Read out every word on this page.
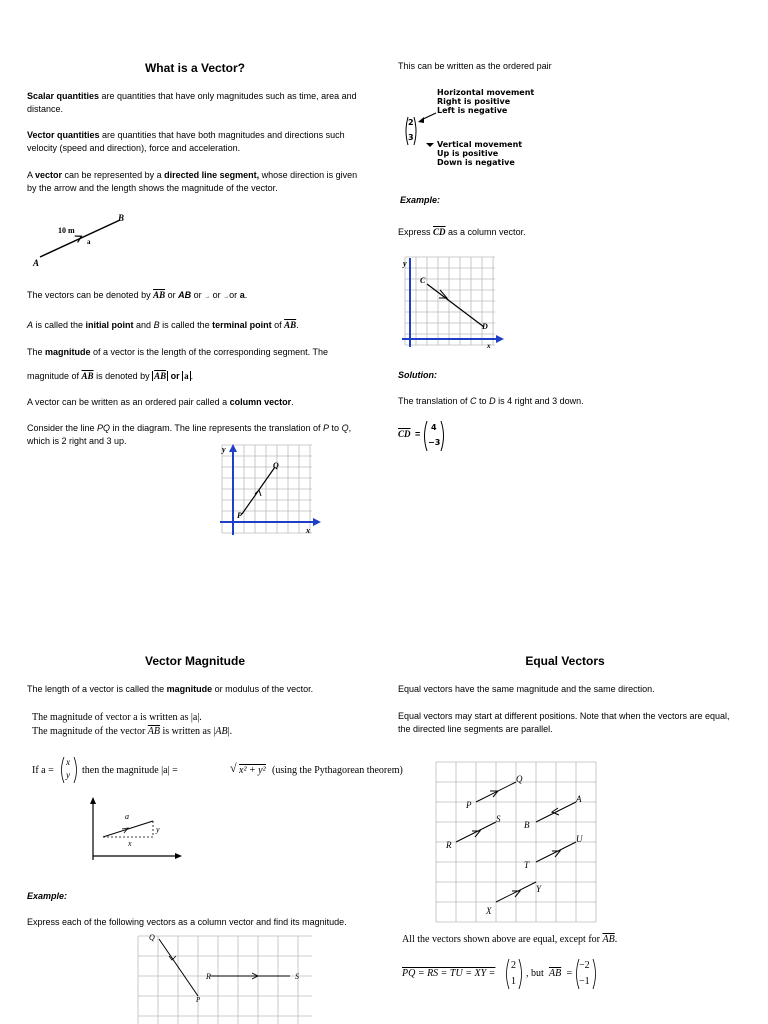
What is a Vector?

Scalar quantities are quantities that have only magnitudes such as time, area and distance.

Vector quantities are quantities that have both magnitudes and directions such velocity (speed and direction), force and acceleration.

A vector can be represented by a directed line segment, whose direction is given by the arrow and the length shows the magnitude of the vector.

B
A
10 m
a

The vectors can be denoted by $\overline{AB}$ or AB or → or →or a.

A is called the initial point and B is called the terminal point of $\overline{AB}$.

The magnitude of a vector is the length of the corresponding segment. The

magnitude of $\overline{AB}$ is denoted by $\overline{AB}$ or a .

A vector can be written as an ordered pair called a column vector.

Consider the line PQ in the diagram. The line represents the translation of P to Q, which is 2 right and 3 up.

y
x
P
Q

This can be written as the ordered pair

Horizontal movement
Right is positive
Left is negative
2
3
Vertical movement
Up is positive
Down is negative

Example:

Express $\overline{CD}$ as a column vector.

y
x
C
D

Solution:

The translation of C to D is 4 right and 3 down.

$\overline{CD}$ =
4
−3
Vector Magnitude

The length of a vector is called the magnitude or modulus of the vector.

The magnitude of vector a is written as |a|.
The magnitude of the vector $\overline{AB}$ is written as |AB|.
If a =
x
y then the magnitude |a| =	√ x² + y² (using the Pythagorean theorem)
a
x
y

Example:

Express each of the following vectors as a column vector and find its magnitude.

Q
P
R	S
Equal Vectors

Equal vectors have the same magnitude and the same direction.

Equal vectors may start at different positions. Note that when the vectors are equal, the directed line segments are parallel.

P
Q
R
S
A
B
U
T
X
Y

All the vectors shown above are equal, except for $\overline{AB}$.

PQ = RS = TU = XY =
2
1
, but $\overline{AB}$ =
−2
−1
